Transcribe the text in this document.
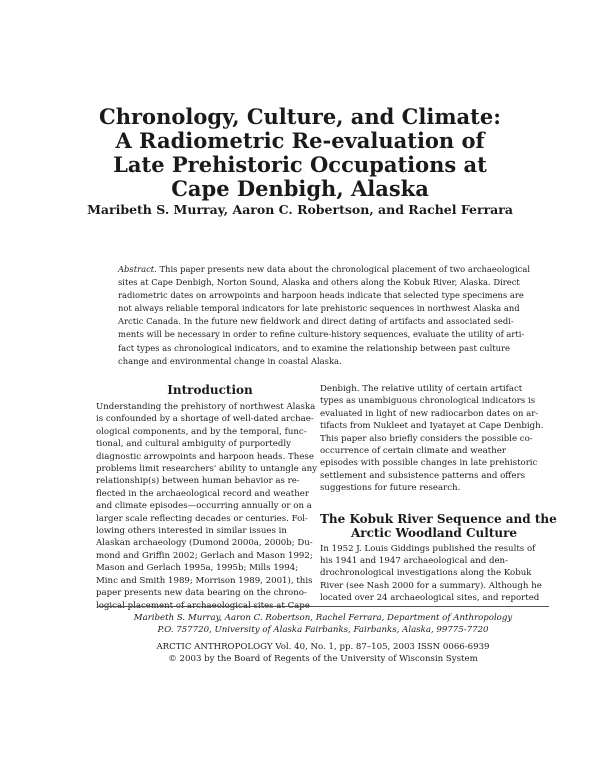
Chronology, Culture, and Climate:
A Radiometric Re-evaluation of
Late Prehistoric Occupations at
Cape Denbigh, Alaska
Maribeth S. Murray, Aaron C. Robertson, and Rachel Ferrara
Abstract. This paper presents new data about the chronological placement of two archaeological
sites at Cape Denbigh, Norton Sound, Alaska and others along the Kobuk River, Alaska. Direct
radiometric dates on arrowpoints and harpoon heads indicate that selected type specimens are
not always reliable temporal indicators for late prehistoric sequences in northwest Alaska and
Arctic Canada. In the future new fieldwork and direct dating of artifacts and associated sedi-
ments will be necessary in order to refine culture-history sequences, evaluate the utility of arti-
fact types as chronological indicators, and to examine the relationship between past culture
change and environmental change in coastal Alaska.
Introduction
Understanding the prehistory of northwest Alaska
is confounded by a shortage of well-dated archae-
ological components, and by the temporal, func-
tional, and cultural ambiguity of purportedly
diagnostic arrowpoints and harpoon heads. These
problems limit researchers' ability to untangle any
relationship(s) between human behavior as re-
flected in the archaeological record and weather
and climate episodes—occurring annually or on a
larger scale reflecting decades or centuries. Fol-
lowing others interested in similar issues in
Alaskan archaeology (Dumond 2000a, 2000b; Du-
mond and Griffin 2002; Gerlach and Mason 1992;
Mason and Gerlach 1995a, 1995b; Mills 1994;
Minc and Smith 1989; Morrison 1989, 2001), this
paper presents new data bearing on the chrono-
logical placement of archaeological sites at Cape
Denbigh. The relative utility of certain artifact
types as unambiguous chronological indicators is
evaluated in light of new radiocarbon dates on ar-
tifacts from Nukleet and Iyatayet at Cape Denbigh.
This paper also briefly considers the possible co-
occurrence of certain climate and weather
episodes with possible changes in late prehistoric
settlement and subsistence patterns and offers
suggestions for future research.
The Kobuk River Sequence and the
Arctic Woodland Culture
In 1952 J. Louis Giddings published the results of
his 1941 and 1947 archaeological and den-
drochronological investigations along the Kobuk
River (see Nash 2000 for a summary). Although he
located over 24 archaeological sites, and reported
Maribeth S. Murray, Aaron C. Robertson, Rachel Ferrara, Department of Anthropology
P.O. 757720, University of Alaska Fairbanks, Fairbanks, Alaska, 99775-7720
ARCTIC ANTHROPOLOGY Vol. 40, No. 1, pp. 87–105, 2003 ISSN 0066-6939
© 2003 by the Board of Regents of the University of Wisconsin System
